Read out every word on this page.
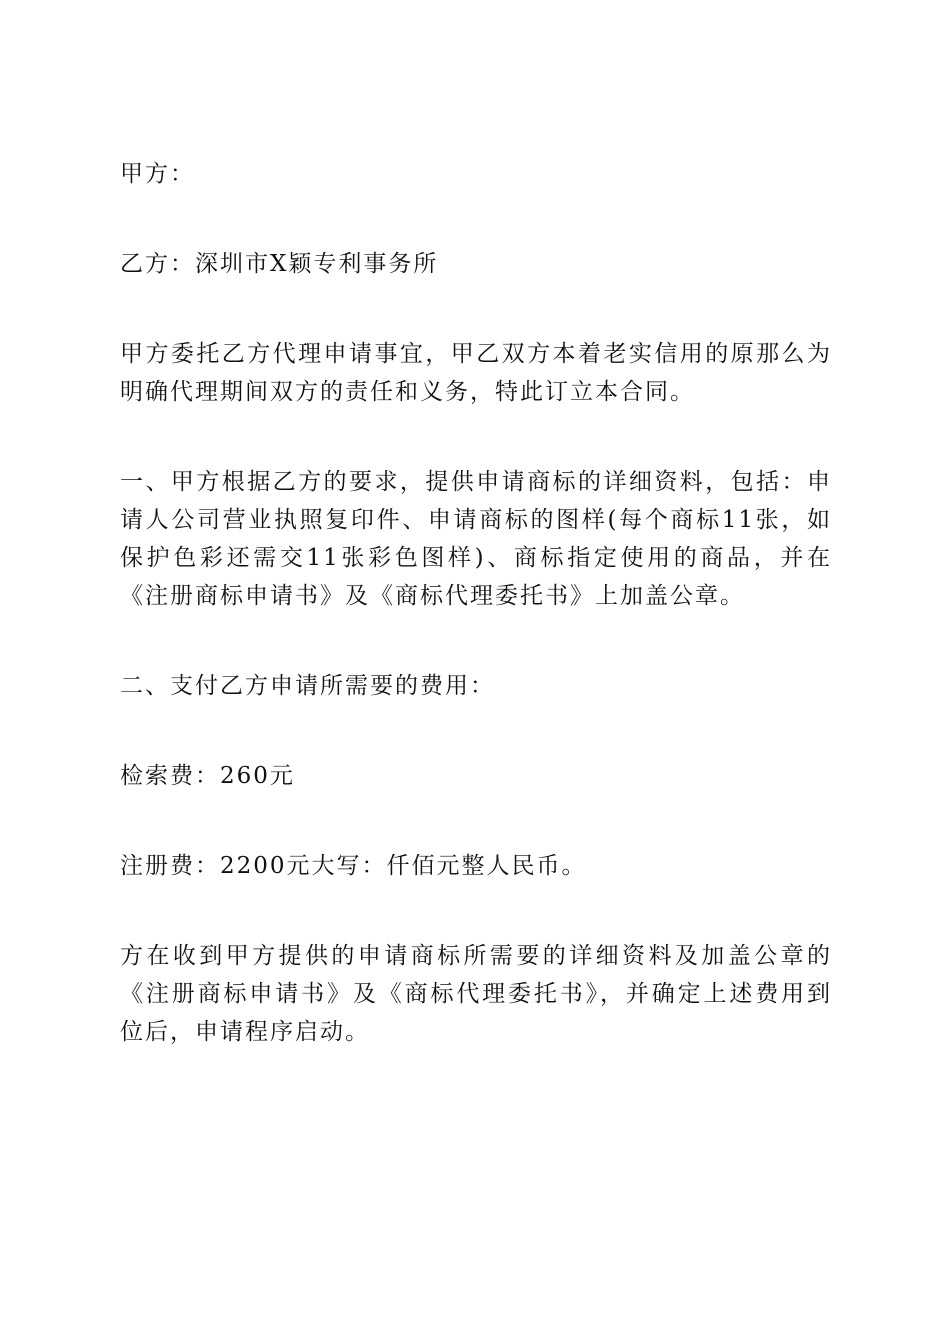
甲方：

乙方：深圳市X颖专利事务所

甲方委托乙方代理申请事宜，甲乙双方本着老实信用的原那么为明确代理期间双方的责任和义务，特此订立本合同。

一、甲方根据乙方的要求，提供申请商标的详细资料，包括：申请人公司营业执照复印件、申请商标的图样(每个商标11张，如保护色彩还需交11张彩色图样)、商标指定使用的商品，并在《注册商标申请书》及《商标代理委托书》上加盖公章。

二、支付乙方申请所需要的费用：

检索费：260元

注册费：2200元大写：仟佰元整人民币。

方在收到甲方提供的申请商标所需要的详细资料及加盖公章的《注册商标申请书》及《商标代理委托书》，并确定上述费用到位后，申请程序启动。
